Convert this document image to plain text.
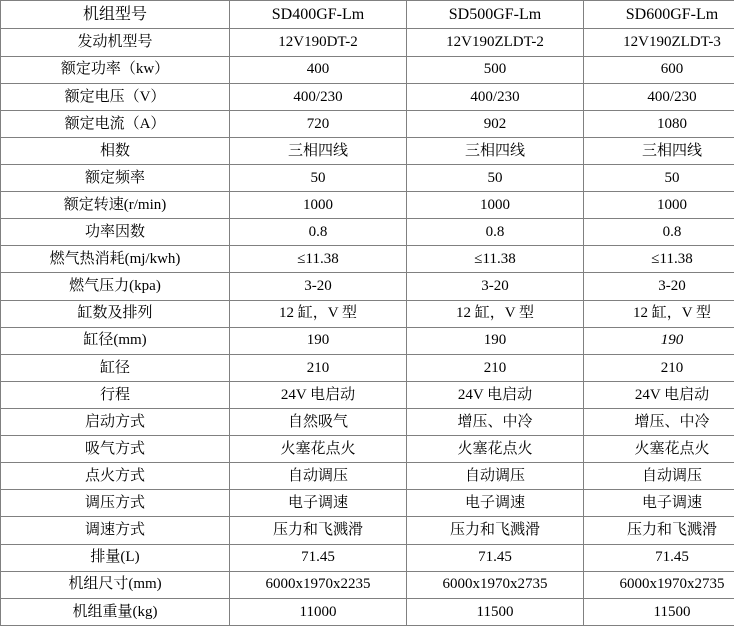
机组型号	SD400GF-Lm	SD500GF-Lm	SD600GF-Lm
发动机型号	12V190DT-2	12V190ZLDT-2	12V190ZLDT-3
额定功率（kw）	400	500	600
额定电压（V）	400/230	400/230	400/230
额定电流（A）	720	902	1080
相数	三相四线	三相四线	三相四线
额定频率	50	50	50
额定转速(r/min)	1000	1000	1000
功率因数	0.8	0.8	0.8
燃气热消耗(mj/kwh)	≤11.38	≤11.38	≤11.38
燃气压力(kpa)	3-20	3-20	3-20
缸数及排列	12 缸，V 型	12 缸，V 型	12 缸，V 型
缸径(mm)	190	190	190
缸径	210	210	210
行程	24V 电启动	24V 电启动	24V 电启动
启动方式	自然吸气	增压、中冷	增压、中冷
吸气方式	火塞花点火	火塞花点火	火塞花点火
点火方式	自动调压	自动调压	自动调压
调压方式	电子调速	电子调速	电子调速
调速方式	压力和飞溅滑	压力和飞溅滑	压力和飞溅滑
排量(L)	71.45	71.45	71.45
机组尺寸(mm)	6000x1970x2235	6000x1970x2735	6000x1970x2735
机组重量(kg)	11000	11500	11500
